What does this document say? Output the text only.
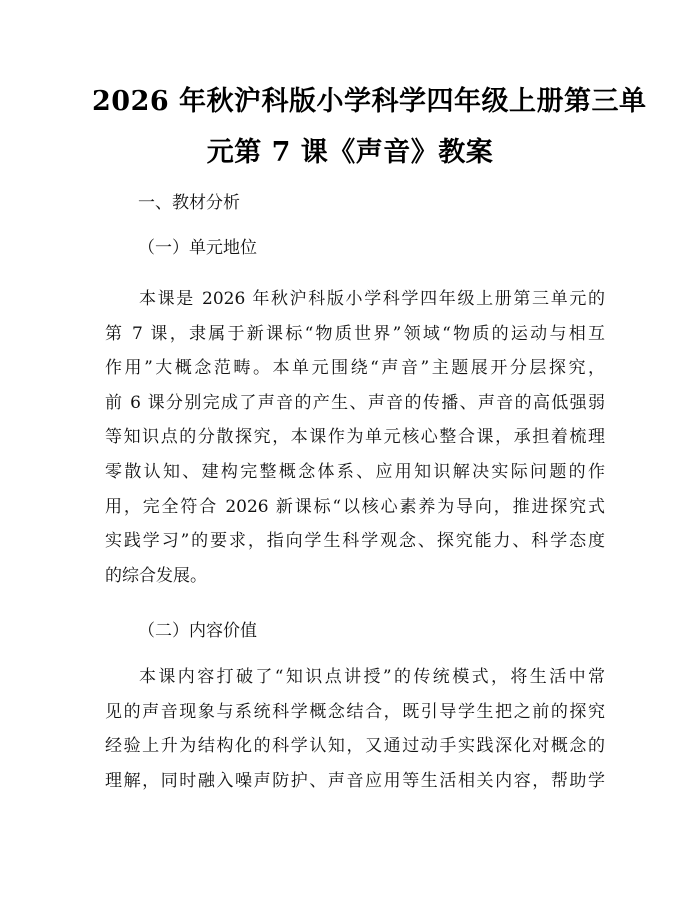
2026 年秋沪科版小学科学四年级上册第三单
元第 7 课《声音》教案

一、教材分析

（一）单元地位

本课是 2026 年秋沪科版小学科学四年级上册第三单元的
第 7 课，隶属于新课标“物质世界”领域“物质的运动与相互
作用”大概念范畴。本单元围绕“声音”主题展开分层探究，
前 6 课分别完成了声音的产生、声音的传播、声音的高低强弱
等知识点的分散探究，本课作为单元核心整合课，承担着梳理
零散认知、建构完整概念体系、应用知识解决实际问题的作
用，完全符合 2026 新课标“以核心素养为导向，推进探究式
实践学习”的要求，指向学生科学观念、探究能力、科学态度
的综合发展。

（二）内容价值

本课内容打破了“知识点讲授”的传统模式，将生活中常
见的声音现象与系统科学概念结合，既引导学生把之前的探究
经验上升为结构化的科学认知，又通过动手实践深化对概念的
理解，同时融入噪声防护、声音应用等生活相关内容，帮助学
